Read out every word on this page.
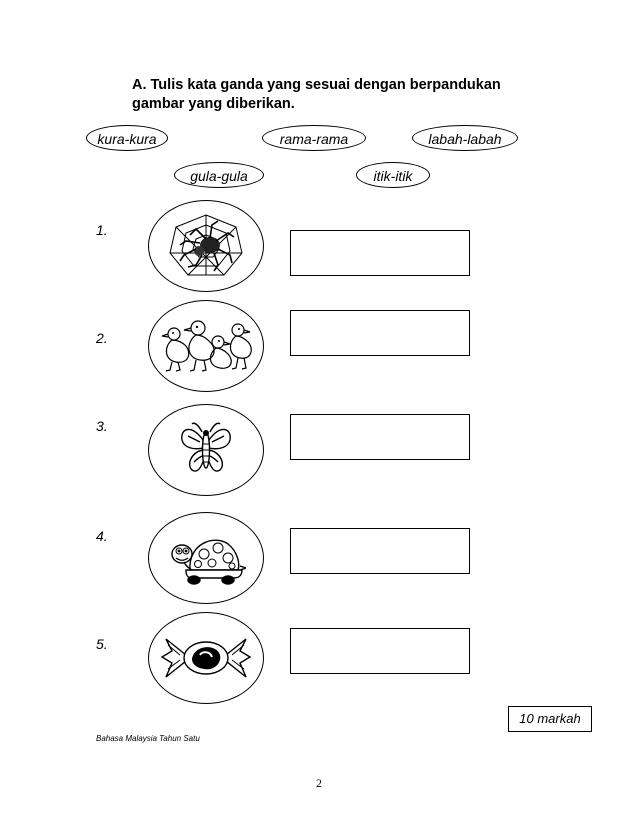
A. Tulis kata ganda yang sesuai dengan berpandukan
gambar yang diberikan.
kura-kura	rama-rama	labah-labah
gula-gula	itik-itik
1.
2.
3.
4.
5.
10 markah
Bahasa Malaysia Tahun Satu
2
